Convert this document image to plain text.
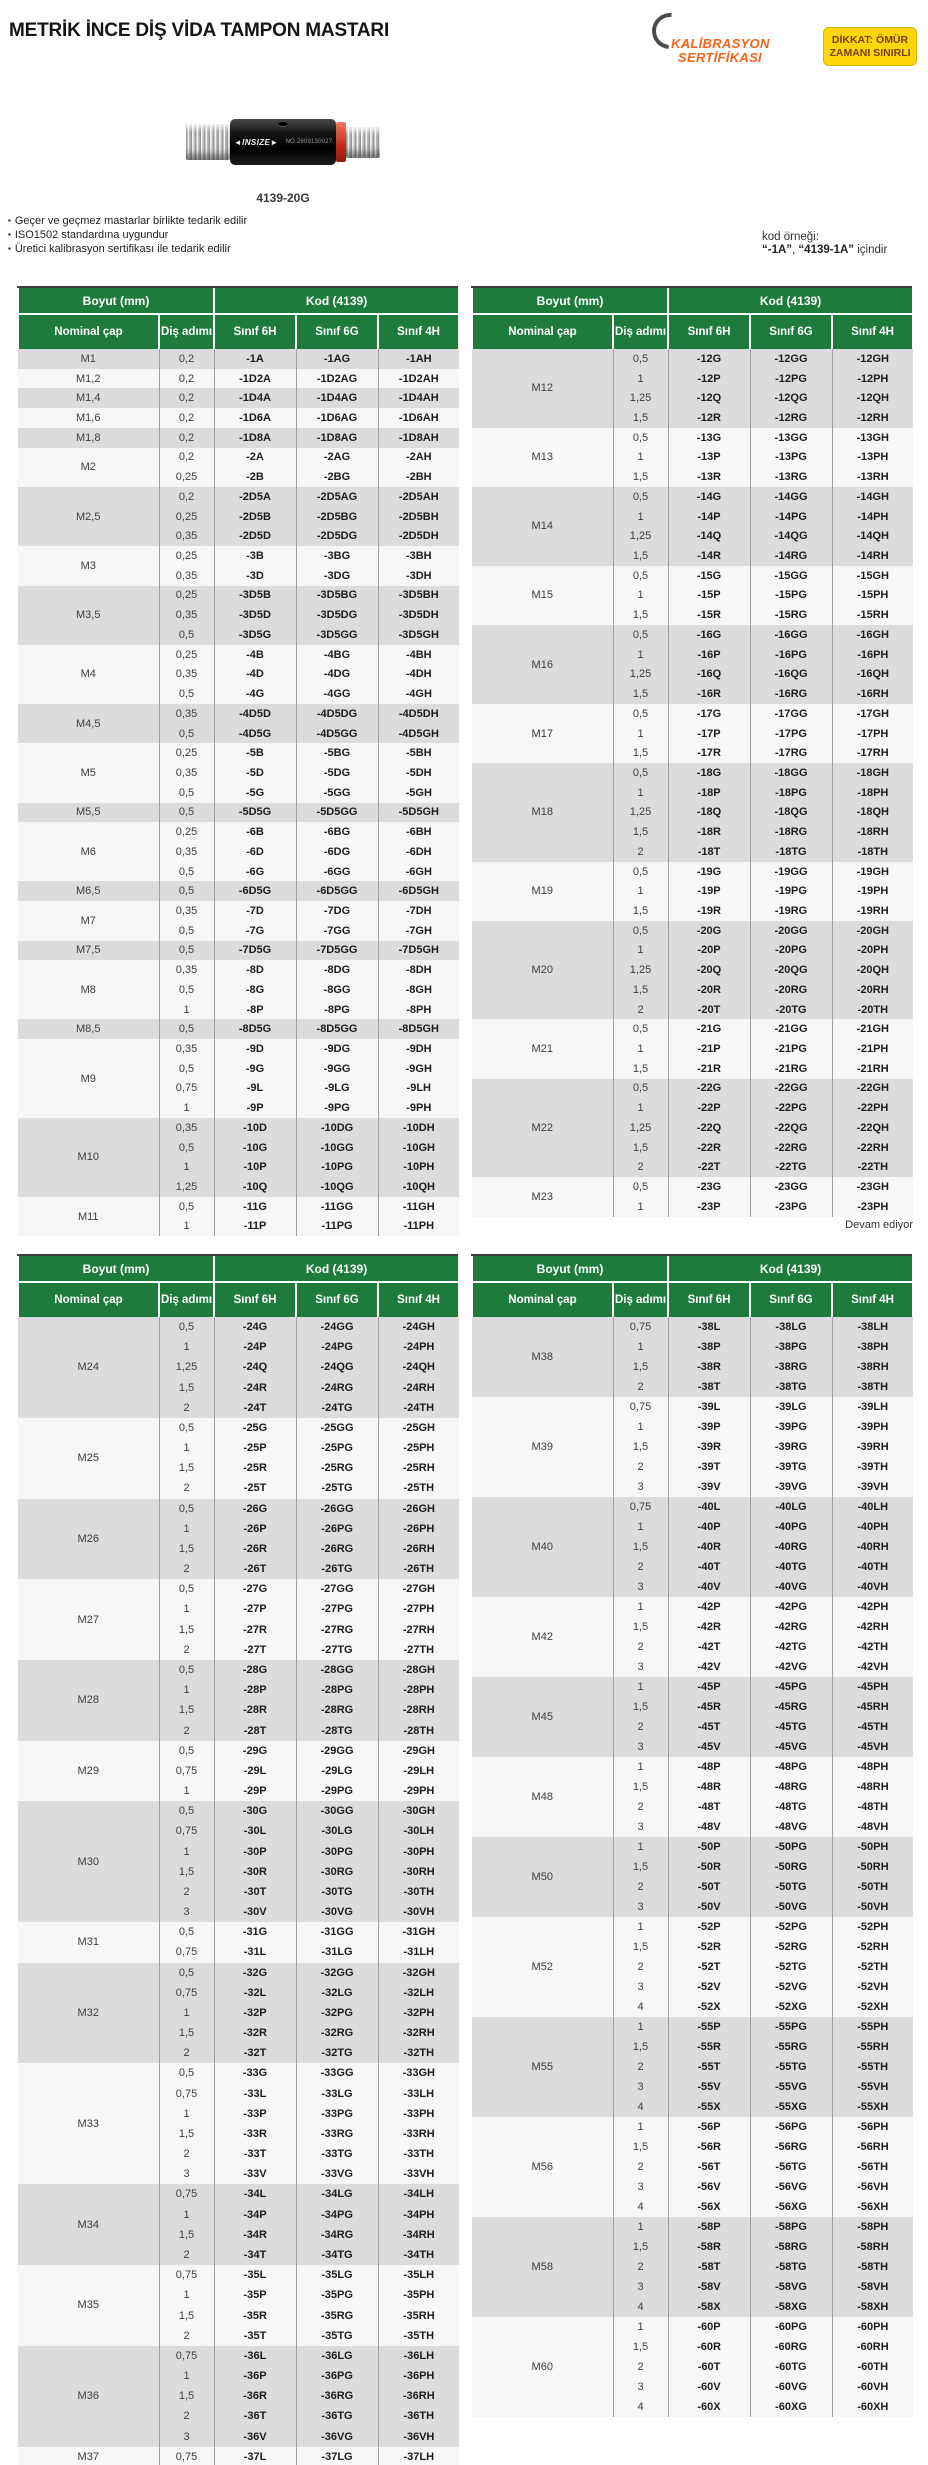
METRİK İNCE DİŞ VİDA TAMPON MASTARI
KALİBRASYON
SERTİFİKASI
DİKKAT: ÖMÜR
ZAMANI SINIRLI
◄INSIZE► NO.2609130027
4139-20G
▪ Geçer ve geçmez mastarlar birlikte tedarik edilir
▪ ISO1502 standardına uygundur
▪ Üretici kalibrasyon sertifikası ile tedarik edilir
kod örneği:
“-1A”, “4139-1A” içindir
Boyut (mm)		Kod (4139)		
Nominal çap	Diş adımı	Sınıf 6H	Sınıf 6G	Sınıf 4H
M1	0,2	-1A	-1AG	-1AH
M1,2	0,2	-1D2A	-1D2AG	-1D2AH
M1,4	0,2	-1D4A	-1D4AG	-1D4AH
M1,6	0,2	-1D6A	-1D6AG	-1D6AH
M1,8	0,2	-1D8A	-1D8AG	-1D8AH
M2	0,2	-2A	-2AG	-2AH
	0,25	-2B	-2BG	-2BH
M2,5	0,2	-2D5A	-2D5AG	-2D5AH
	0,25	-2D5B	-2D5BG	-2D5BH
	0,35	-2D5D	-2D5DG	-2D5DH
M3	0,25	-3B	-3BG	-3BH
	0,35	-3D	-3DG	-3DH
M3,5	0,25	-3D5B	-3D5BG	-3D5BH
	0,35	-3D5D	-3D5DG	-3D5DH
	0,5	-3D5G	-3D5GG	-3D5GH
M4	0,25	-4B	-4BG	-4BH
	0,35	-4D	-4DG	-4DH
	0,5	-4G	-4GG	-4GH
M4,5	0,35	-4D5D	-4D5DG	-4D5DH
	0,5	-4D5G	-4D5GG	-4D5GH
M5	0,25	-5B	-5BG	-5BH
	0,35	-5D	-5DG	-5DH
	0,5	-5G	-5GG	-5GH
M5,5	0,5	-5D5G	-5D5GG	-5D5GH
M6	0,25	-6B	-6BG	-6BH
	0,35	-6D	-6DG	-6DH
	0,5	-6G	-6GG	-6GH
M6,5	0,5	-6D5G	-6D5GG	-6D5GH
M7	0,35	-7D	-7DG	-7DH
	0,5	-7G	-7GG	-7GH
M7,5	0,5	-7D5G	-7D5GG	-7D5GH
M8	0,35	-8D	-8DG	-8DH
	0,5	-8G	-8GG	-8GH
	1	-8P	-8PG	-8PH
M8,5	0,5	-8D5G	-8D5GG	-8D5GH
M9	0,35	-9D	-9DG	-9DH
	0,5	-9G	-9GG	-9GH
	0,75	-9L	-9LG	-9LH
	1	-9P	-9PG	-9PH
M10	0,35	-10D	-10DG	-10DH
	0,5	-10G	-10GG	-10GH
	1	-10P	-10PG	-10PH
	1,25	-10Q	-10QG	-10QH
M11	0,5	-11G	-11GG	-11GH
	1	-11P	-11PG	-11PH
Boyut (mm)		Kod (4139)		
Nominal çap	Diş adımı	Sınıf 6H	Sınıf 6G	Sınıf 4H
M12	0,5	-12G	-12GG	-12GH
	1	-12P	-12PG	-12PH
	1,25	-12Q	-12QG	-12QH
	1,5	-12R	-12RG	-12RH
M13	0,5	-13G	-13GG	-13GH
	1	-13P	-13PG	-13PH
	1,5	-13R	-13RG	-13RH
M14	0,5	-14G	-14GG	-14GH
	1	-14P	-14PG	-14PH
	1,25	-14Q	-14QG	-14QH
	1,5	-14R	-14RG	-14RH
M15	0,5	-15G	-15GG	-15GH
	1	-15P	-15PG	-15PH
	1,5	-15R	-15RG	-15RH
M16	0,5	-16G	-16GG	-16GH
	1	-16P	-16PG	-16PH
	1,25	-16Q	-16QG	-16QH
	1,5	-16R	-16RG	-16RH
M17	0,5	-17G	-17GG	-17GH
	1	-17P	-17PG	-17PH
	1,5	-17R	-17RG	-17RH
M18	0,5	-18G	-18GG	-18GH
	1	-18P	-18PG	-18PH
	1,25	-18Q	-18QG	-18QH
	1,5	-18R	-18RG	-18RH
	2	-18T	-18TG	-18TH
M19	0,5	-19G	-19GG	-19GH
	1	-19P	-19PG	-19PH
	1,5	-19R	-19RG	-19RH
M20	0,5	-20G	-20GG	-20GH
	1	-20P	-20PG	-20PH
	1,25	-20Q	-20QG	-20QH
	1,5	-20R	-20RG	-20RH
	2	-20T	-20TG	-20TH
M21	0,5	-21G	-21GG	-21GH
	1	-21P	-21PG	-21PH
	1,5	-21R	-21RG	-21RH
M22	0,5	-22G	-22GG	-22GH
	1	-22P	-22PG	-22PH
	1,25	-22Q	-22QG	-22QH
	1,5	-22R	-22RG	-22RH
	2	-22T	-22TG	-22TH
M23	0,5	-23G	-23GG	-23GH
	1	-23P	-23PG	-23PH
Devam ediyor
Boyut (mm)		Kod (4139)		
Nominal çap	Diş adımı	Sınıf 6H	Sınıf 6G	Sınıf 4H
M24	0,5	-24G	-24GG	-24GH
	1	-24P	-24PG	-24PH
	1,25	-24Q	-24QG	-24QH
	1,5	-24R	-24RG	-24RH
	2	-24T	-24TG	-24TH
M25	0,5	-25G	-25GG	-25GH
	1	-25P	-25PG	-25PH
	1,5	-25R	-25RG	-25RH
	2	-25T	-25TG	-25TH
M26	0,5	-26G	-26GG	-26GH
	1	-26P	-26PG	-26PH
	1,5	-26R	-26RG	-26RH
	2	-26T	-26TG	-26TH
M27	0,5	-27G	-27GG	-27GH
	1	-27P	-27PG	-27PH
	1,5	-27R	-27RG	-27RH
	2	-27T	-27TG	-27TH
M28	0,5	-28G	-28GG	-28GH
	1	-28P	-28PG	-28PH
	1,5	-28R	-28RG	-28RH
	2	-28T	-28TG	-28TH
M29	0,5	-29G	-29GG	-29GH
	0,75	-29L	-29LG	-29LH
	1	-29P	-29PG	-29PH
M30	0,5	-30G	-30GG	-30GH
	0,75	-30L	-30LG	-30LH
	1	-30P	-30PG	-30PH
	1,5	-30R	-30RG	-30RH
	2	-30T	-30TG	-30TH
	3	-30V	-30VG	-30VH
M31	0,5	-31G	-31GG	-31GH
	0,75	-31L	-31LG	-31LH
M32	0,5	-32G	-32GG	-32GH
	0,75	-32L	-32LG	-32LH
	1	-32P	-32PG	-32PH
	1,5	-32R	-32RG	-32RH
	2	-32T	-32TG	-32TH
M33	0,5	-33G	-33GG	-33GH
	0,75	-33L	-33LG	-33LH
	1	-33P	-33PG	-33PH
	1,5	-33R	-33RG	-33RH
	2	-33T	-33TG	-33TH
	3	-33V	-33VG	-33VH
M34	0,75	-34L	-34LG	-34LH
	1	-34P	-34PG	-34PH
	1,5	-34R	-34RG	-34RH
	2	-34T	-34TG	-34TH
M35	0,75	-35L	-35LG	-35LH
	1	-35P	-35PG	-35PH
	1,5	-35R	-35RG	-35RH
	2	-35T	-35TG	-35TH
M36	0,75	-36L	-36LG	-36LH
	1	-36P	-36PG	-36PH
	1,5	-36R	-36RG	-36RH
	2	-36T	-36TG	-36TH
	3	-36V	-36VG	-36VH
M37	0,75	-37L	-37LG	-37LH
Boyut (mm)		Kod (4139)		
Nominal çap	Diş adımı	Sınıf 6H	Sınıf 6G	Sınıf 4H
M38	0,75	-38L	-38LG	-38LH
	1	-38P	-38PG	-38PH
	1,5	-38R	-38RG	-38RH
	2	-38T	-38TG	-38TH
M39	0,75	-39L	-39LG	-39LH
	1	-39P	-39PG	-39PH
	1,5	-39R	-39RG	-39RH
	2	-39T	-39TG	-39TH
	3	-39V	-39VG	-39VH
M40	0,75	-40L	-40LG	-40LH
	1	-40P	-40PG	-40PH
	1,5	-40R	-40RG	-40RH
	2	-40T	-40TG	-40TH
	3	-40V	-40VG	-40VH
M42	1	-42P	-42PG	-42PH
	1,5	-42R	-42RG	-42RH
	2	-42T	-42TG	-42TH
	3	-42V	-42VG	-42VH
M45	1	-45P	-45PG	-45PH
	1,5	-45R	-45RG	-45RH
	2	-45T	-45TG	-45TH
	3	-45V	-45VG	-45VH
M48	1	-48P	-48PG	-48PH
	1,5	-48R	-48RG	-48RH
	2	-48T	-48TG	-48TH
	3	-48V	-48VG	-48VH
M50	1	-50P	-50PG	-50PH
	1,5	-50R	-50RG	-50RH
	2	-50T	-50TG	-50TH
	3	-50V	-50VG	-50VH
M52	1	-52P	-52PG	-52PH
	1,5	-52R	-52RG	-52RH
	2	-52T	-52TG	-52TH
	3	-52V	-52VG	-52VH
	4	-52X	-52XG	-52XH
M55	1	-55P	-55PG	-55PH
	1,5	-55R	-55RG	-55RH
	2	-55T	-55TG	-55TH
	3	-55V	-55VG	-55VH
	4	-55X	-55XG	-55XH
M56	1	-56P	-56PG	-56PH
	1,5	-56R	-56RG	-56RH
	2	-56T	-56TG	-56TH
	3	-56V	-56VG	-56VH
	4	-56X	-56XG	-56XH
M58	1	-58P	-58PG	-58PH
	1,5	-58R	-58RG	-58RH
	2	-58T	-58TG	-58TH
	3	-58V	-58VG	-58VH
	4	-58X	-58XG	-58XH
M60	1	-60P	-60PG	-60PH
	1,5	-60R	-60RG	-60RH
	2	-60T	-60TG	-60TH
	3	-60V	-60VG	-60VH
	4	-60X	-60XG	-60XH
